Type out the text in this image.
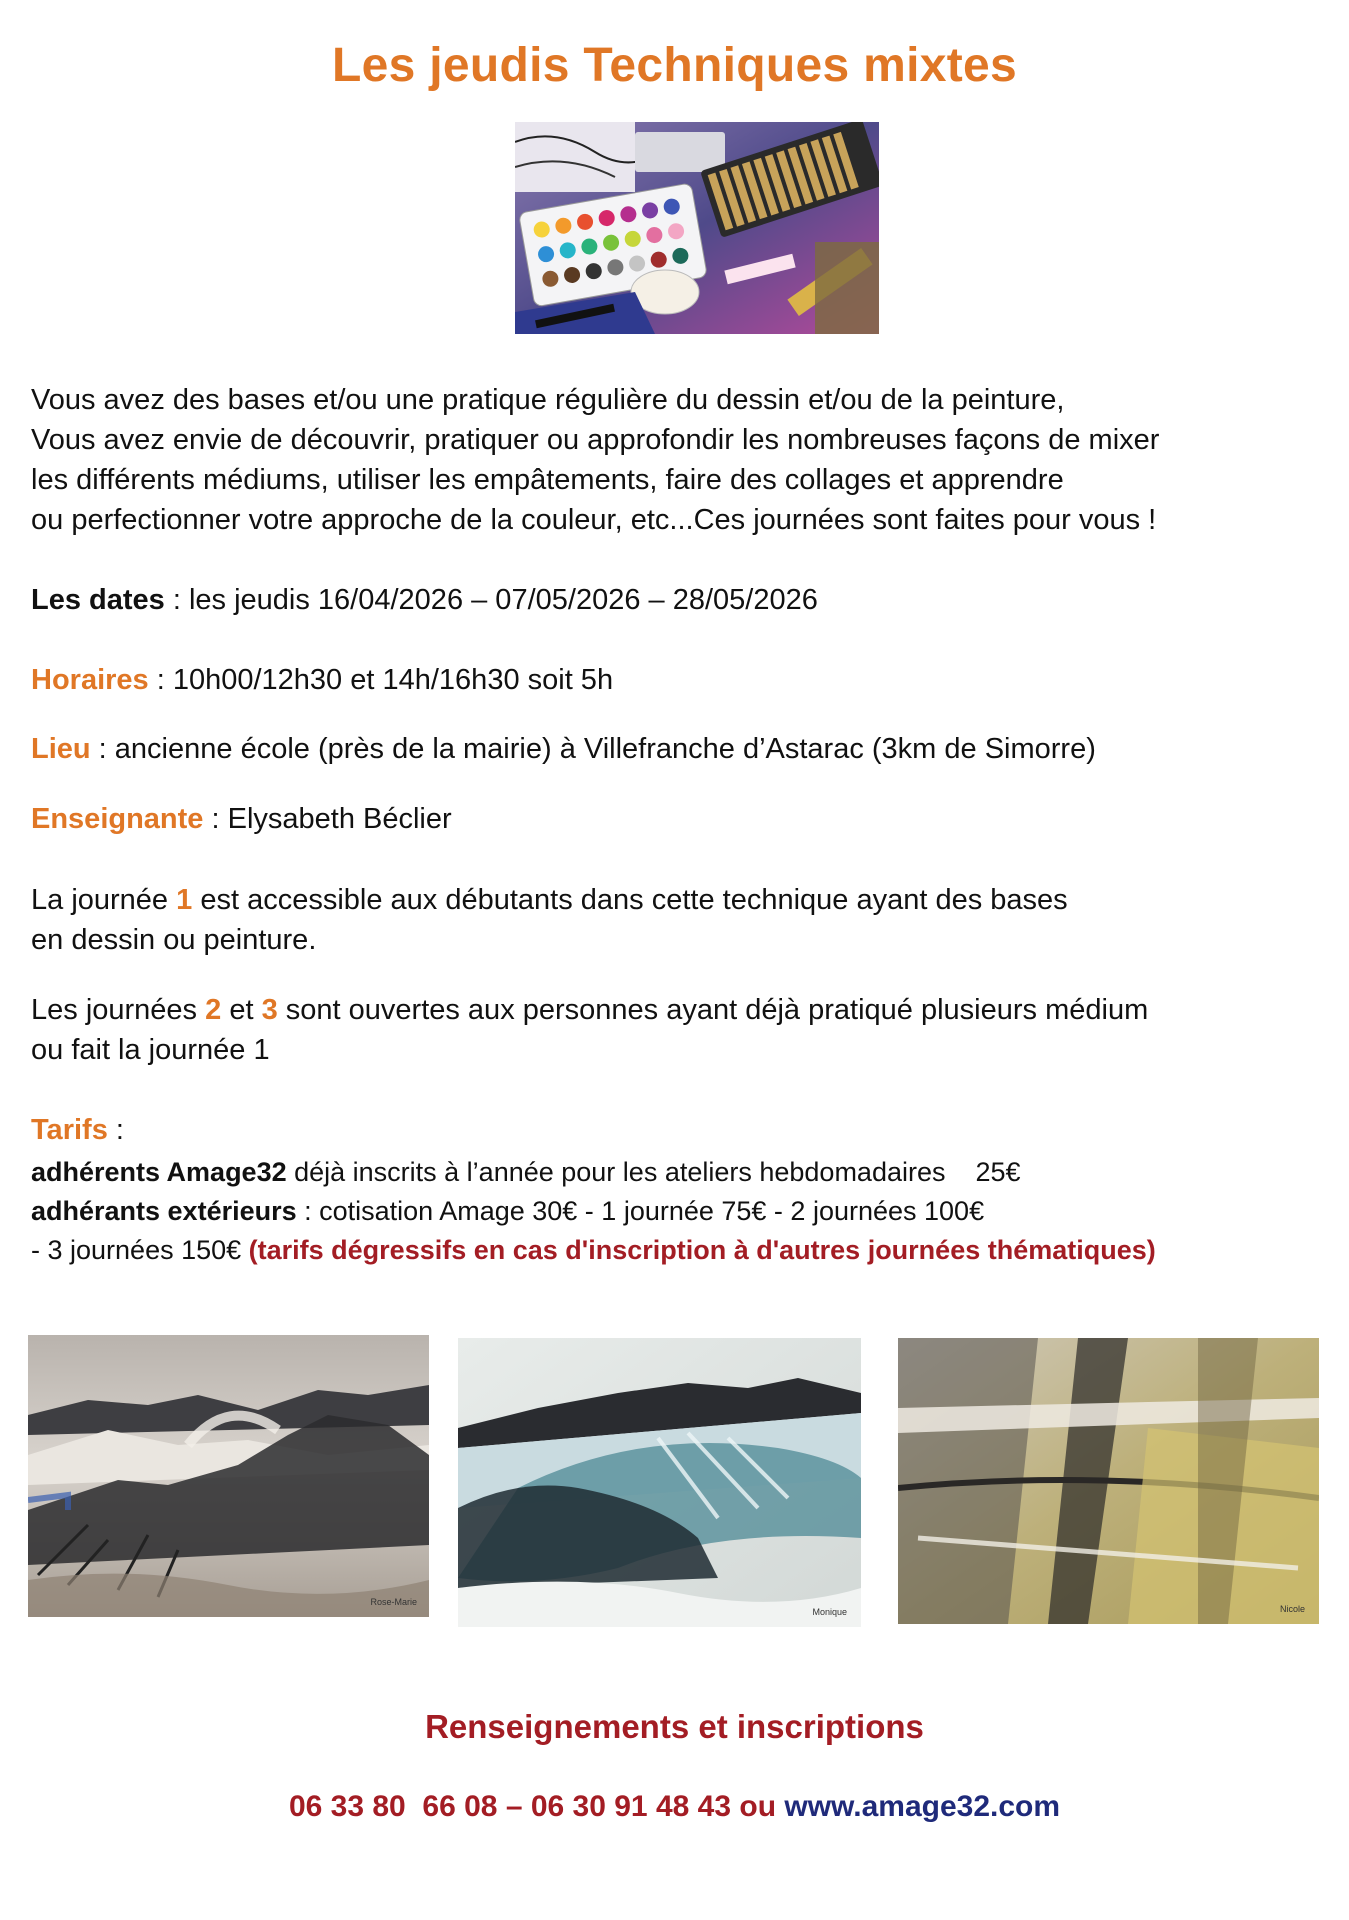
Les jeudis Techniques mixtes
Vous avez des bases et/ou une pratique régulière du dessin et/ou de la peinture,
Vous avez envie de découvrir, pratiquer ou approfondir les nombreuses façons de mixer
les différents médiums, utiliser les empâtements, faire des collages et apprendre
ou perfectionner votre approche de la couleur, etc...Ces journées sont faites pour vous !
Les dates : les jeudis 16/04/2026 – 07/05/2026 – 28/05/2026
Horaires : 10h00/12h30 et 14h/16h30 soit 5h
Lieu : ancienne école (près de la mairie) à Villefranche d’Astarac (3km de Simorre)
Enseignante : Elysabeth Béclier
La journée 1 est accessible aux débutants dans cette technique ayant des bases
en dessin ou peinture.
Les journées 2 et 3 sont ouvertes aux personnes ayant déjà pratiqué plusieurs médium
ou fait la journée 1
Tarifs :
adhérents Amage32 déjà inscrits à l’année pour les ateliers hebdomadaires    25€
adhérants extérieurs : cotisation Amage 30€ - 1 journée 75€ - 2 journées 100€
- 3 journées 150€ (tarifs dégressifs en cas d'inscription à d'autres journées thématiques)
Rose-Marie
Monique	Nicole
Renseignements et inscriptions
06 33 80  66 08 – 06 30 91 48 43 ou www.amage32.com
